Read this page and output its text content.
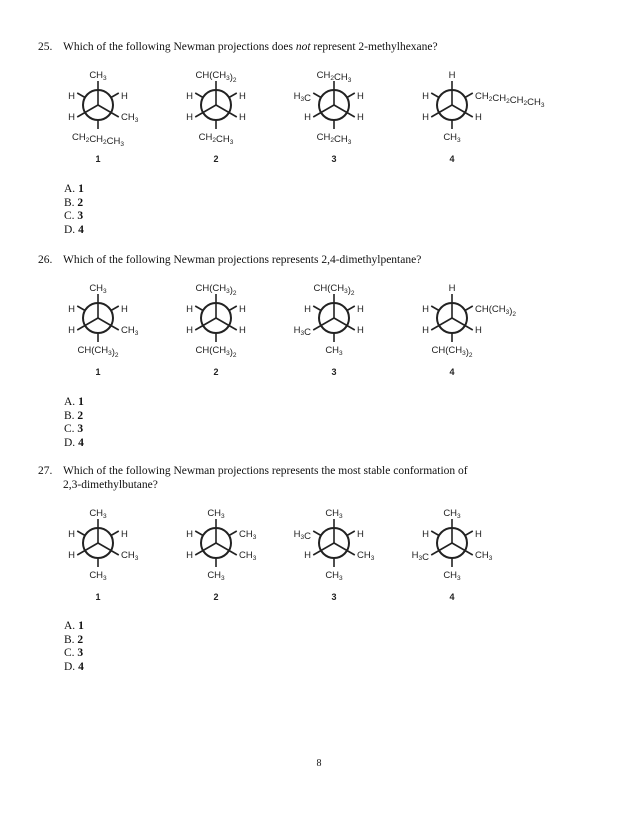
25. Which of the following Newman projections does not represent 2-methylhexane?
$CH_3$
H	H
H	$CH_3$
$CH_2CH_2CH_3$
1
$CH(CH_3)_2$
H	H
H	H
$CH_2CH_3$
2
$CH_2CH_3$
$H_3C$	H
H	H
$CH_2CH_3$
3
H
H	$CH_2CH_2CH_2CH_3$
H	H
$CH_3$
4
A. 1
B. 2
C. 3
D. 4
26. Which of the following Newman projections represents 2,4-dimethylpentane?
$CH_3$
H	H
H	$CH_3$
$CH(CH_3)_2$
1
$CH(CH_3)_2$
H	H
H	H
$CH(CH_3)_2$
2
$CH(CH_3)_2$
H	H
$H_3C$	H
$CH_3$
3
H
H	$CH(CH_3)_2$
H	H
$CH(CH_3)_2$
4
A. 1
B. 2
C. 3
D. 4
27. Which of the following Newman projections represents the most stable conformation of
2,3-dimethylbutane?
$CH_3$
H	H
H	$CH_3$
$CH_3$
1
$CH_3$
H	$CH_3$
H	$CH_3$
$CH_3$
2
$CH_3$
$H_3C$	H
H	$CH_3$
$CH_3$
3
$CH_3$
H	H
$H_3C$	$CH_3$
$CH_3$
4
A. 1
B. 2
C. 3
D. 4
8
